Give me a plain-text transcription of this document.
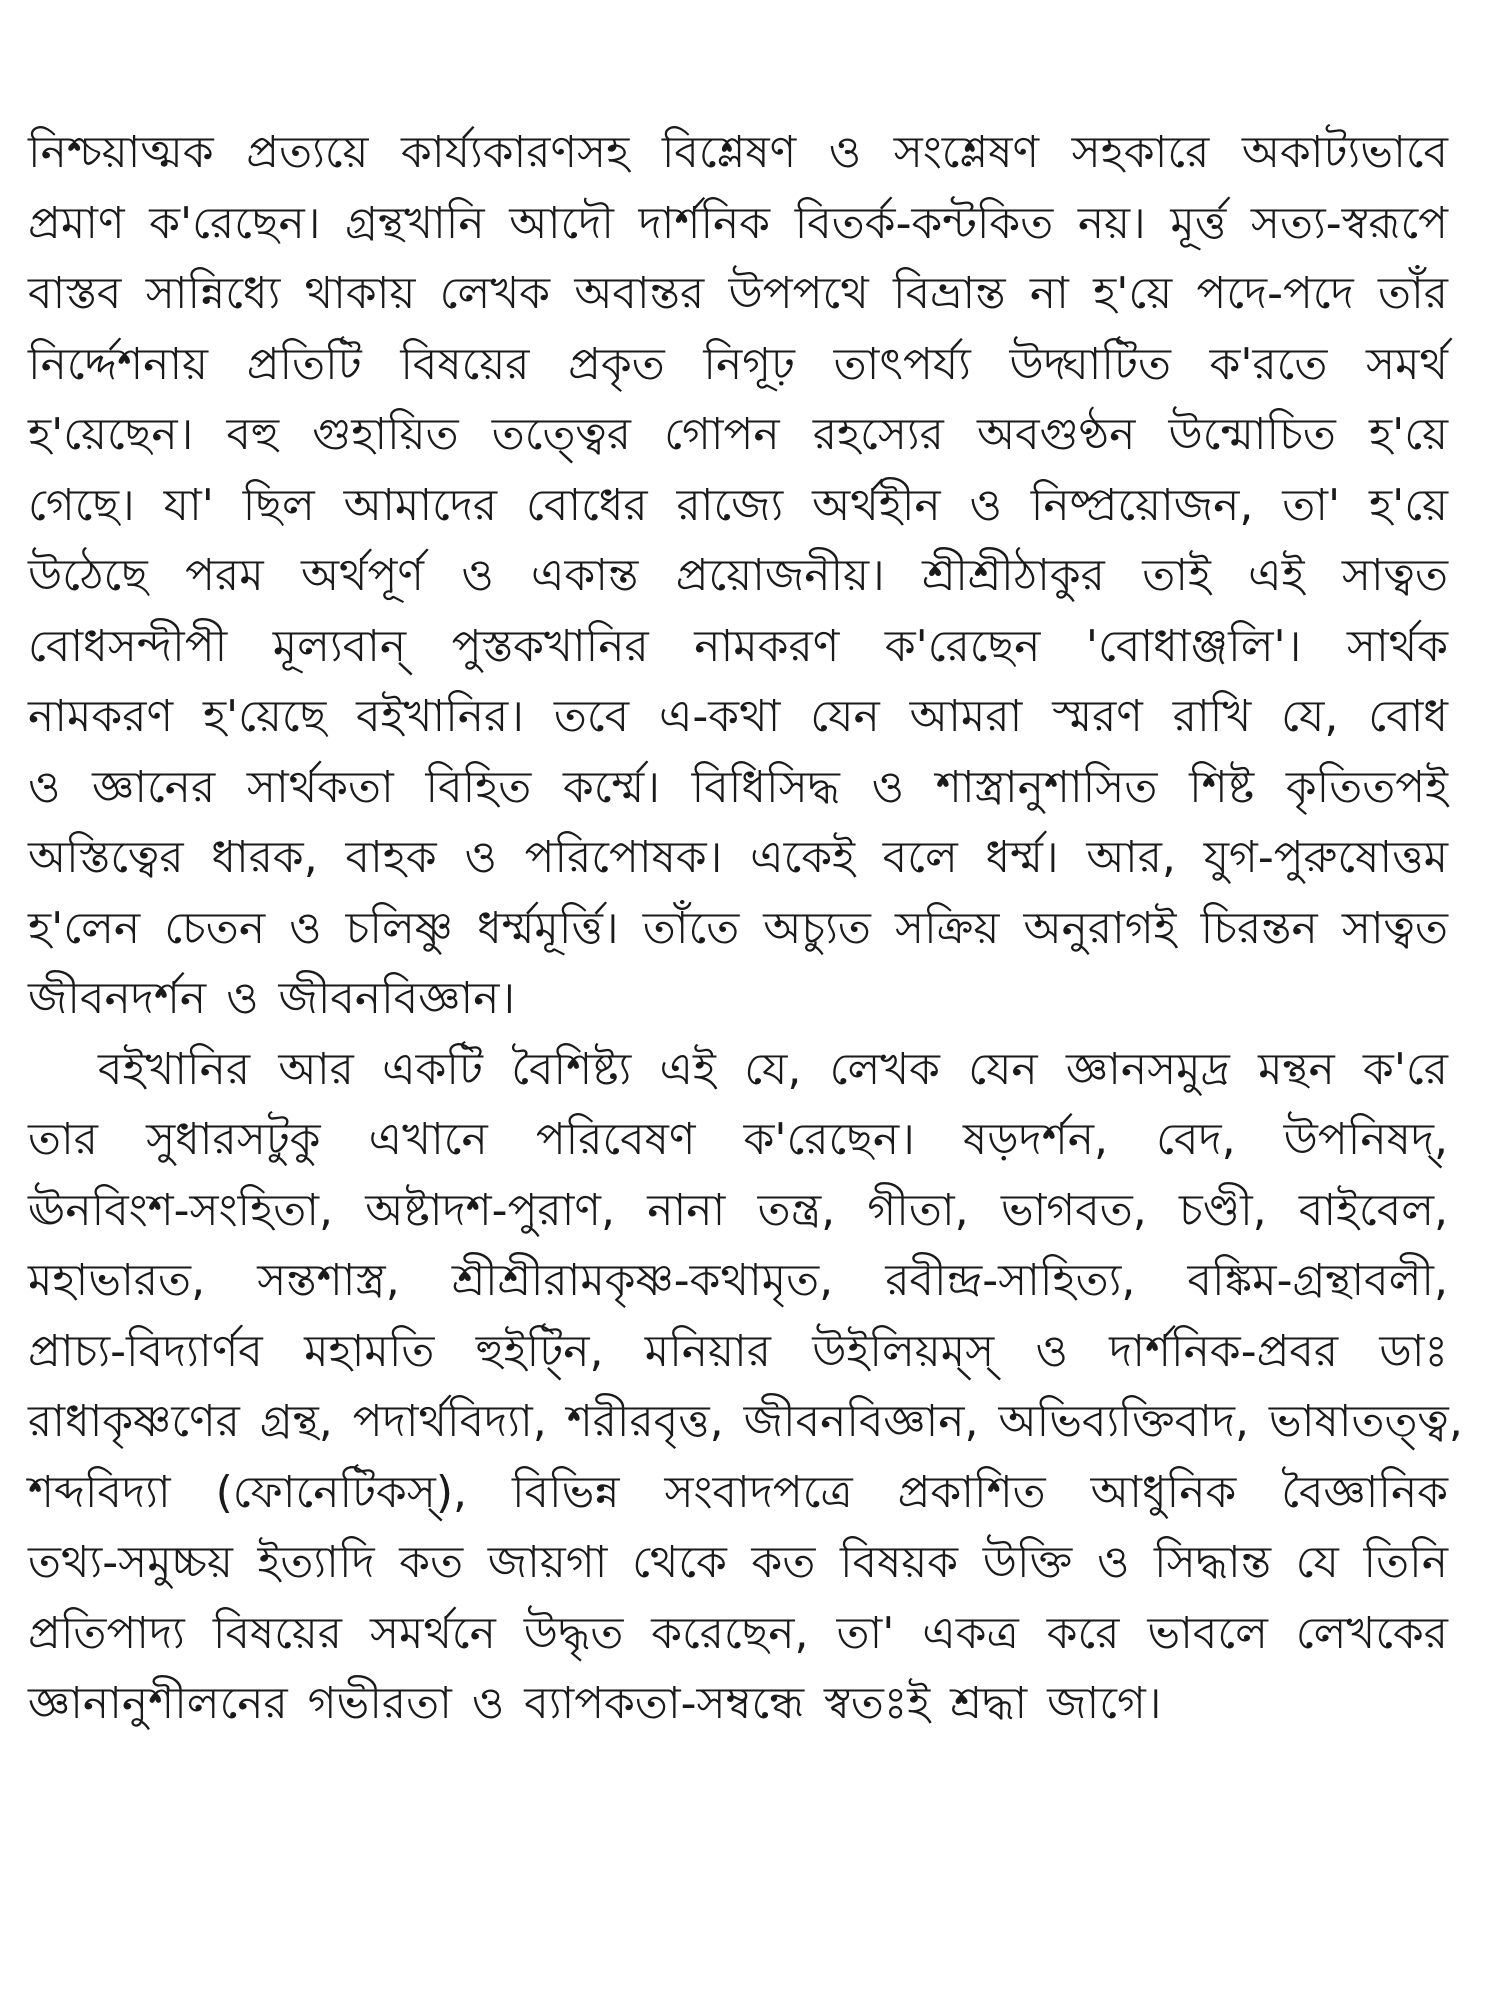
নিশ্চয়াত্মক প্রত্যয়ে কার্য্যকারণসহ বিশ্লেষণ ও সংশ্লেষণ সহকারে অকাট্যভাবে
প্রমাণ ক'রেছেন। গ্রন্থখানি আদৌ দার্শনিক বিতর্ক-কন্টকিত নয়। মূর্ত্ত সত্য-স্বরূপে
বাস্তব সান্নিধ্যে থাকায় লেখক অবান্তর উপপথে বিভ্রান্ত না হ'য়ে পদে-পদে তাঁর
নির্দ্দেশনায় প্রতিটি বিষয়ের প্রকৃত নিগূঢ় তাৎপর্য্য উদ্ঘাটিত ক'রতে সমর্থ
হ'য়েছেন। বহু গুহায়িত তত্ত্বের গোপন রহস্যের অবগুণ্ঠন উন্মোচিত হ'য়ে
গেছে। যা' ছিল আমাদের বোধের রাজ্যে অর্থহীন ও নিষ্প্রয়োজন, তা' হ'য়ে
উঠেছে পরম অর্থপূর্ণ ও একান্ত প্রয়োজনীয়। শ্রীশ্রীঠাকুর তাই এই সাত্বত
বোধসন্দীপী মূল্যবান্ পুস্তকখানির নামকরণ ক'রেছেন 'বোধাঞ্জলি'। সার্থক
নামকরণ হ'য়েছে বইখানির। তবে এ-কথা যেন আমরা স্মরণ রাখি যে, বোধ
ও জ্ঞানের সার্থকতা বিহিত কর্ম্মে। বিধিসিদ্ধ ও শাস্ত্রানুশাসিত শিষ্ট কৃতিতপই
অস্তিত্বের ধারক, বাহক ও পরিপোষক। একেই বলে ধর্ম্ম। আর, যুগ-পুরুষোত্তম
হ'লেন চেতন ও চলিষ্ণু ধর্ম্মমূর্ত্তি। তাঁতে অচ্যুত সক্রিয় অনুরাগই চিরন্তন সাত্বত
জীবনদর্শন ও জীবনবিজ্ঞান।
বইখানির আর একটি বৈশিষ্ট্য এই যে, লেখক যেন জ্ঞানসমুদ্র মন্থন ক'রে
তার সুধারসটুকু এখানে পরিবেষণ ক'রেছেন। ষড়দর্শন, বেদ, উপনিষদ্,
ঊনবিংশ-সংহিতা, অষ্টাদশ-পুরাণ, নানা তন্ত্র, গীতা, ভাগবত, চণ্ডী, বাইবেল,
মহাভারত, সন্তশাস্ত্র, শ্রীশ্রীরামকৃষ্ণ-কথামৃত, রবীন্দ্র-সাহিত্য, বঙ্কিম-গ্রন্থাবলী,
প্রাচ্য-বিদ্যার্ণব মহামতি হুইট্নি, মনিয়ার উইলিয়ম্স্ ও দার্শনিক-প্রবর ডাঃ
রাধাকৃষ্ণণের গ্রন্থ, পদার্থবিদ্যা, শরীরবৃত্ত, জীবনবিজ্ঞান, অভিব্যক্তিবাদ, ভাষাতত্ত্ব,
শব্দবিদ্যা (ফোনেটিকস্), বিভিন্ন সংবাদপত্রে প্রকাশিত আধুনিক বৈজ্ঞানিক
তথ্য-সমুচ্চয় ইত্যাদি কত জায়গা থেকে কত বিষয়ক উক্তি ও সিদ্ধান্ত যে তিনি
প্রতিপাদ্য বিষয়ের সমর্থনে উদ্ধৃত করেছেন, তা' একত্র করে ভাবলে লেখকের
জ্ঞানানুশীলনের গভীরতা ও ব্যাপকতা-সম্বন্ধে স্বতঃই শ্রদ্ধা জাগে।
